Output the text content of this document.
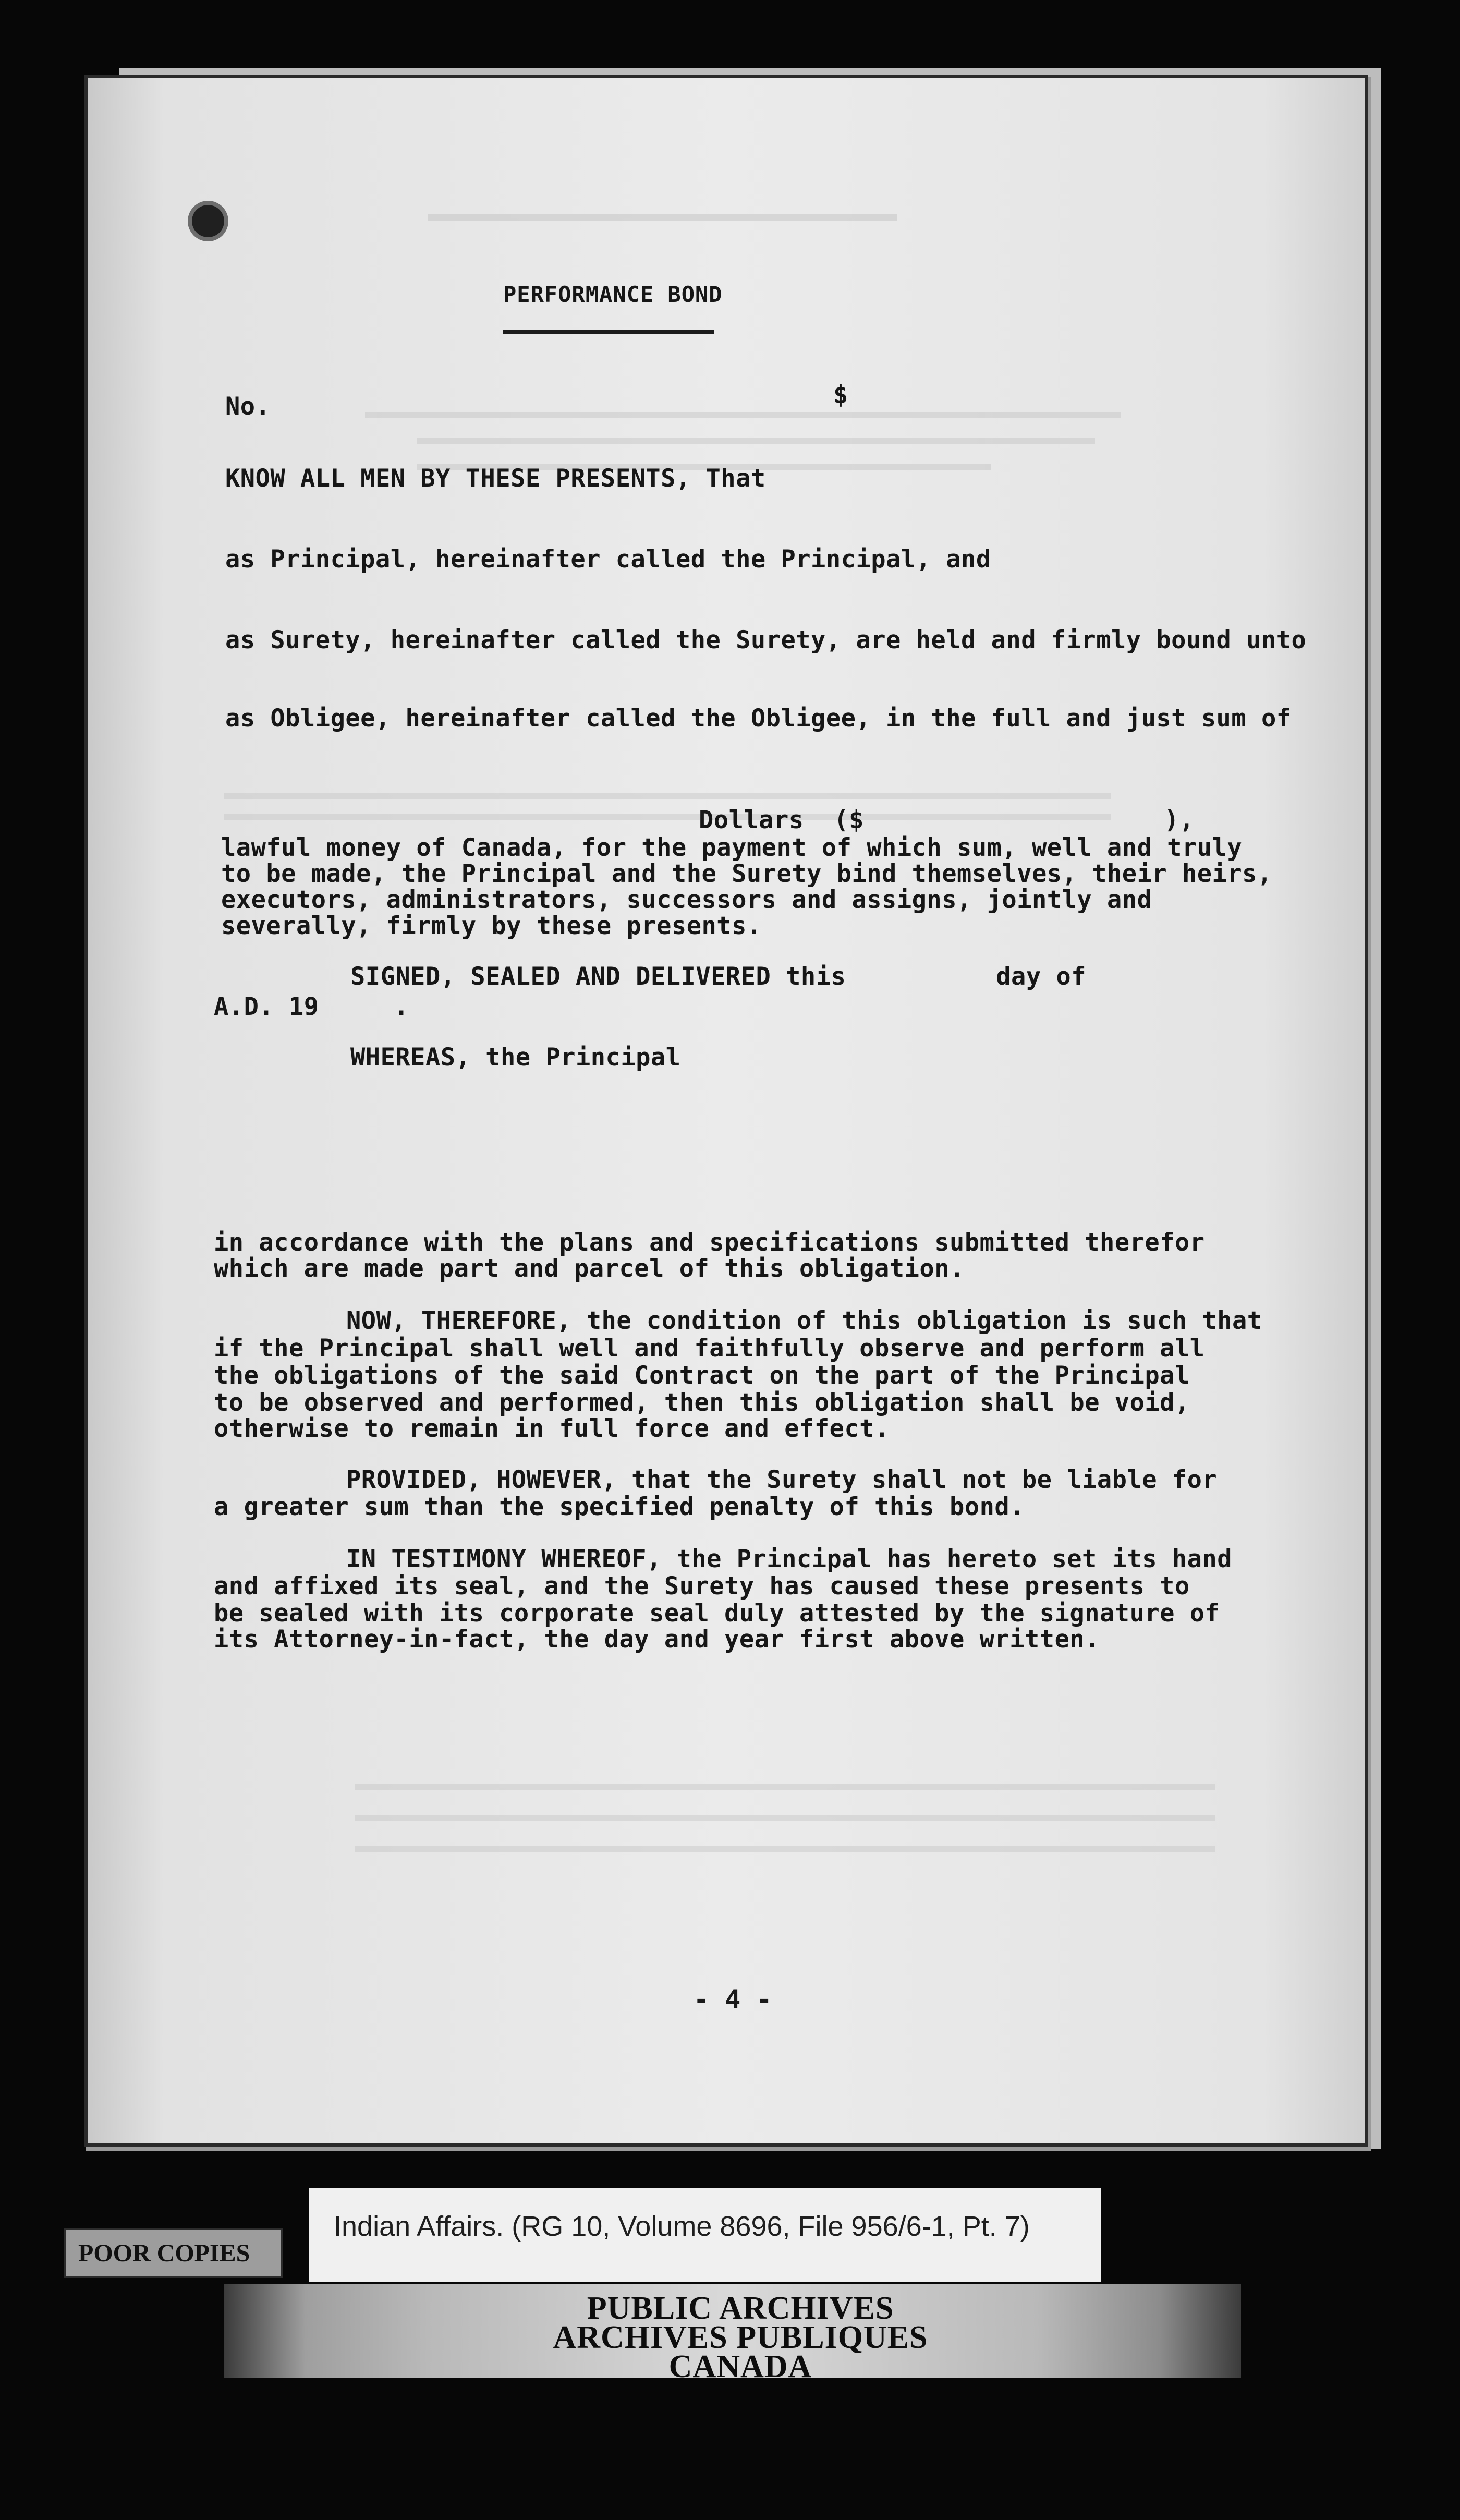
PERFORMANCE BOND
No.	$
KNOW ALL MEN BY THESE PRESENTS, That
as Principal, hereinafter called the Principal, and
as Surety, hereinafter called the Surety, are held and firmly bound unto
as Obligee, hereinafter called the Obligee, in the full and just sum of
Dollars  ($                    ),
lawful money of Canada, for the payment of which sum, well and truly
to be made, the Principal and the Surety bind themselves, their heirs,
executors, administrators, successors and assigns, jointly and
severally, firmly by these presents.
SIGNED, SEALED AND DELIVERED this          day of
A.D. 19     .
WHEREAS, the Principal
in accordance with the plans and specifications submitted therefor
which are made part and parcel of this obligation.
NOW, THEREFORE, the condition of this obligation is such that
if the Principal shall well and faithfully observe and perform all
the obligations of the said Contract on the part of the Principal
to be observed and performed, then this obligation shall be void,
otherwise to remain in full force and effect.
PROVIDED, HOWEVER, that the Surety shall not be liable for
a greater sum than the specified penalty of this bond.
IN TESTIMONY WHEREOF, the Principal has hereto set its hand
and affixed its seal, and the Surety has caused these presents to
be sealed with its corporate seal duly attested by the signature of
its Attorney-in-fact, the day and year first above written.
- 4 -
Indian Affairs. (RG 10, Volume 8696, File 956/6-1, Pt. 7)
POOR COPIES
PUBLIC ARCHIVES
ARCHIVES PUBLIQUES
CANADA
